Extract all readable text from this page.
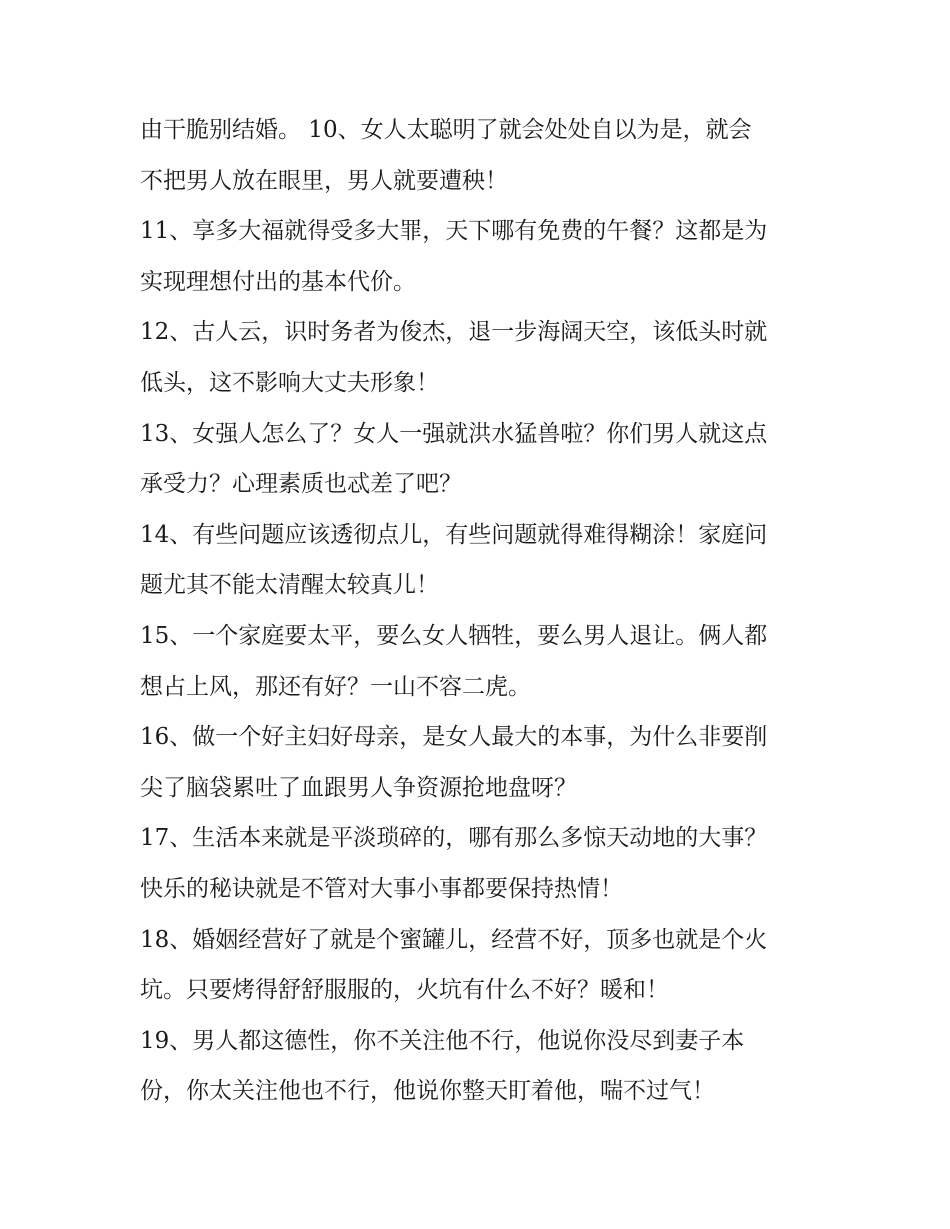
由干脆别结婚。 10、女人太聪明了就会处处自以为是，就会
不把男人放在眼里，男人就要遭秧！
11、享多大福就得受多大罪，天下哪有免费的午餐？这都是为
实现理想付出的基本代价。
12、古人云，识时务者为俊杰，退一步海阔天空，该低头时就
低头，这不影响大丈夫形象！
13、女强人怎么了？女人一强就洪水猛兽啦？你们男人就这点
承受力？心理素质也忒差了吧？
14、有些问题应该透彻点儿，有些问题就得难得糊涂！家庭问
题尤其不能太清醒太较真儿！
15、一个家庭要太平，要么女人牺牲，要么男人退让。俩人都
想占上风，那还有好？一山不容二虎。
16、做一个好主妇好母亲，是女人最大的本事，为什么非要削
尖了脑袋累吐了血跟男人争资源抢地盘呀？
17、生活本来就是平淡琐碎的，哪有那么多惊天动地的大事？
快乐的秘诀就是不管对大事小事都要保持热情！
18、婚姻经营好了就是个蜜罐儿，经营不好，顶多也就是个火
坑。只要烤得舒舒服服的，火坑有什么不好？暖和！
19、男人都这德性，你不关注他不行，他说你没尽到妻子本
份，你太关注他也不行，他说你整天盯着他，喘不过气！
